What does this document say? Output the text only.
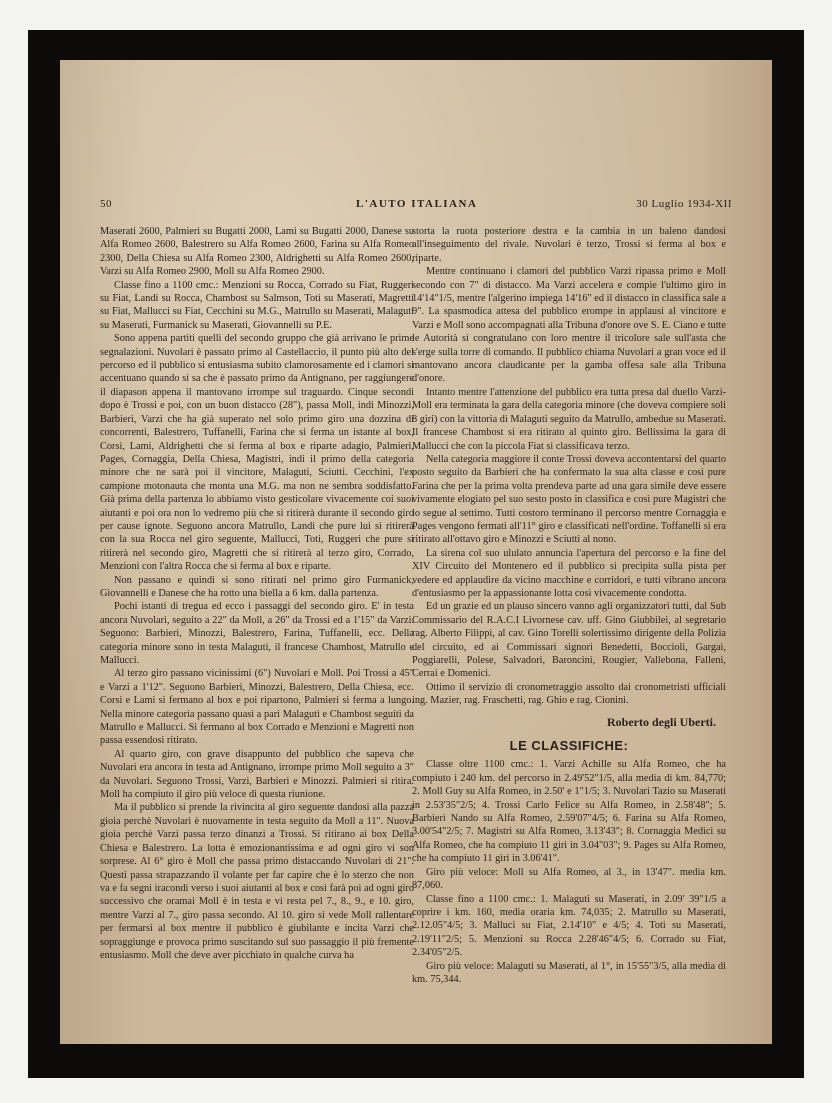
50	L'AUTO ITALIANA	30 Luglio 1934-XII

Maserati 2600, Palmieri su Bugatti 2000, Lami su Bugatti 2000, Danese su Alfa Romeo 2600, Balestrero su Alfa Romeo 2600, Farina su Alfa Romeo 2300, Della Chiesa su Alfa Romeo 2300, Aldrighetti su Alfa Romeo 2600, Varzi su Alfa Romeo 2900, Moll su Alfa Romeo 2900.

Classe fino a 1100 cmc.: Menzioni su Rocca, Corrado su Fiat, Ruggeri su Fiat, Landi su Rocca, Chambost su Salmson, Toti su Maserati, Magretti su Fiat, Mallucci su Fiat, Cecchini su M.G., Matrullo su Maserati, Malaguti su Maserati, Furmanick su Maserati, Giovannelli su P.E.

Sono appena partiti quelli del secondo gruppo che già arrivano le prime segnalazioni. Nuvolari è passato primo al Castellaccio, il punto più alto del percorso ed il pubblico si entusiasma subito clamorosamente ed i clamori si accentuano quando si sa che è passato primo da Antignano, per raggiungere il diapason appena il mantovano irrompe sul traguardo. Cinque secondi dopo è Trossi e poi, con un buon distacco (28"), passa Moll, indi Minozzi, Barbieri, Varzi che ha già superato nel solo primo giro una dozzina di concorrenti, Balestrero, Tuffanelli, Farina che si ferma un istante al box, Corsi, Lami, Aldrighetti che si ferma al box e riparte adagio, Palmieri, Pages, Cornaggia, Della Chiesa, Magistri, indi il primo della categoria minore che ne sarà poi il vincitore, Malaguti, Sciutti. Cecchini, l'ex campione motonauta che monta una M.G. ma non ne sembra soddisfatto. Già prima della partenza lo abbiamo visto gesticolare vivacemente coi suoi aiutanti e poi ora non lo vedremo più che si ritirerà durante il secondo giro per cause ignote. Seguono ancora Matrullo, Landi che pure lui si ritirerà con la sua Rocca nel giro seguente, Mallucci, Toti, Ruggeri che pure si ritirerà nel secondo giro, Magretti che si ritirerà al terzo giro, Corrado, Menzioni con l'altra Rocca che si ferma al box e riparte.

Non passano e quindi si sono ritirati nel primo giro Furmanick, Giovannelli e Danese che ha rotto una biella a 6 km. dalla partenza.

Pochi istanti di tregua ed ecco i passaggi del secondo giro. E' in testa ancora Nuvolari, seguito a 22" da Moll, a 26" da Trossi ed a 1'15" da Varzi. Seguono: Barbieri, Minozzi, Balestrero, Farina, Tuffanelli, ecc. Della categoria minore sono in testa Malaguti, il francese Chambost, Matrullo e Mallucci.

Al terzo giro passano vicinissimi (6") Nuvolari e Moll. Poi Trossi a 45" e Varzi a 1'12". Seguono Barbieri, Minozzi, Balestrero, Della Chiesa, ecc. Corsi e Lami si fermano al box e poi ripartono, Palmieri si ferma a lungo. Nella minore categoria passano quasi a pari Malaguti e Chambost seguiti da Matrullo e Mallucci. Si fermano al box Corrado e Menzioni e Magretti non passa essendosi ritirato.

Al quarto giro, con grave disappunto del pubblico che sapeva che Nuvolari era ancora in testa ad Antignano, irrompe primo Moll seguito a 3" da Nuvolari. Seguono Trossi, Varzi, Barbieri e Minozzi. Palmieri si ritira. Moll ha compiuto il giro più veloce di questa riunione.

Ma il pubblico si prende la rivincita al giro seguente dandosi alla pazza gioia perchè Nuvolari è nuovamente in testa seguito da Moll a 11". Nuova gioia perchè Varzi passa terzo dinanzi a Trossi. Si ritirano ai box Della Chiesa e Balestrero. La lotta è emozionantissima e ad ogni giro vi son sorprese. Al 6° giro è Moll che passa primo distaccando Nuvolari di 21". Questi passa strapazzando il volante per far capire che è lo sterzo che non va e fa segni iracondi verso i suoi aiutanti al box e così farà poi ad ogni giro successivo che oramai Moll è in testa e vi resta pel 7., 8., 9., e 10. giro, mentre Varzi al 7., giro passa secondo. Al 10. giro si vede Moll rallentare per fermarsi al box mentre il pubblico è giubilante e incita Varzi che sopraggiunge e provoca primo suscitando sul suo passaggio il più fremente entusiasmo. Moll che deve aver picchiato in qualche curva ha

storta la ruota posteriore destra e la cambia in un baleno dandosi all'inseguimento del rivale. Nuvolari è terzo, Trossi si ferma al box e riparte.

Mentre continuano i clamori del pubblico Varzi ripassa primo e Moll secondo con 7" di distacco. Ma Varzi accelera e compie l'ultimo giro in 14'14"1/5, mentre l'algerino impiega 14'16" ed il distacco in classifica sale a 9". La spasmodica attesa del pubblico erompe in applausi al vincitore e Varzi e Moll sono accompagnati alla Tribuna d'onore ove S. E. Ciano e tutte le Autorità si congratulano con loro mentre il tricolore sale sull'asta che s'erge sulla torre di comando. Il pubblico chiama Nuvolari a gran voce ed il mantovano ancora claudicante per la gamba offesa sale alla Tribuna d'onore.

Intanto mentre l'attenzione del pubblico era tutta presa dal duello Varzi-Moll era terminata la gara della categoria minore (che doveva compiere soli 8 giri) con la vittoria di Malaguti seguito da Matrullo, ambedue su Maserati. Il francese Chambost si era ritirato al quinto giro. Bellissima la gara di Mallucci che con la piccola Fiat si classificava terzo.

Nella categoria maggiore il conte Trossi doveva accontentarsi del quarto posto seguito da Barbieri che ha confermato la sua alta classe e così pure Farina che per la prima volta prendeva parte ad una gara simile deve essere vivamente elogiato pel suo sesto posto in classifica e così pure Magistri che lo segue al settimo. Tutti costoro terminano il percorso mentre Cornaggia e Pages vengono fermati all'11° giro e classificati nell'ordine. Toffanelli si era ritirato all'ottavo giro e Minozzi e Sciutti al nono.

La sirena col suo ululato annuncia l'apertura del percorso e la fine del XIV Circuito del Montenero ed il pubblico si precipita sulla pista per vedere ed applaudire da vicino macchine e corridori, e tutti vibrano ancora d'entusiasmo per la appassionante lotta così vivacemente condotta.

Ed un grazie ed un plauso sincero vanno agli organizzatori tutti, dal Sub Commissario del R.A.C.I Livornese cav. uff. Gino Giubbilei, al segretario rag. Alberto Filippi, al cav. Gino Torelli solertissimo dirigente della Polizia del circuito, ed ai Commissari signori Benedetti, Boccioli, Gargai, Poggiarelli, Polese, Salvadori, Baroncini, Rougier, Vallebona, Falleni, Cerrai e Domenici.

Ottimo il servizio di cronometraggio assolto dai cronometristi ufficiali ing. Mazier, rag. Fraschetti, rag. Ghio e rag. Cionini.

Roberto degli Uberti.

LE CLASSIFICHE:

Classe oltre 1100 cmc.: 1. Varzi Achille su Alfa Romeo, che ha compiuto i 240 km. del percorso in 2.49'52"1/5, alla media di km. 84,770; 2. Moll Guy su Alfa Romeo, in 2.50' e 1"1/5; 3. Nuvolari Tazio su Maserati in 2.53'35"2/5; 4. Trossi Carlo Felice su Alfa Romeo, in 2.58'48"; 5. Barbieri Nando su Alfa Romeo, 2.59'07"4/5; 6. Farina su Alfa Romeo, 3.00'54"2/5; 7. Magistri su Alfa Romeo, 3.13'43"; 8. Cornaggia Medici su Alfa Romeo, che ha compiuto 11 giri in 3.04"03"; 9. Pages su Alfa Romeo, che ha compiuto 11 giri in 3.06'41".

Giro più veloce: Moll su Alfa Romeo, al 3., in 13'47". media km. 87,060.

Classe fino a 1100 cmc.: 1. Malaguti su Maserati, in 2.09' 39"1/5 a coprire i km. 160, media oraria km. 74,035; 2. Matrullo su Maserati, 2.12.05"4/5; 3. Malluci su Fiat, 2.14'10" e 4/5; 4. Toti su Maserati, 2.19'11"2/5; 5. Menzioni su Rocca 2.28'46"4/5; 6. Corrado su Fiat, 2.34'05"2/5.

Giro più veloce: Malaguti su Maserati, al 1°, in 15'55"3/5, alla media di km. 75,344.
